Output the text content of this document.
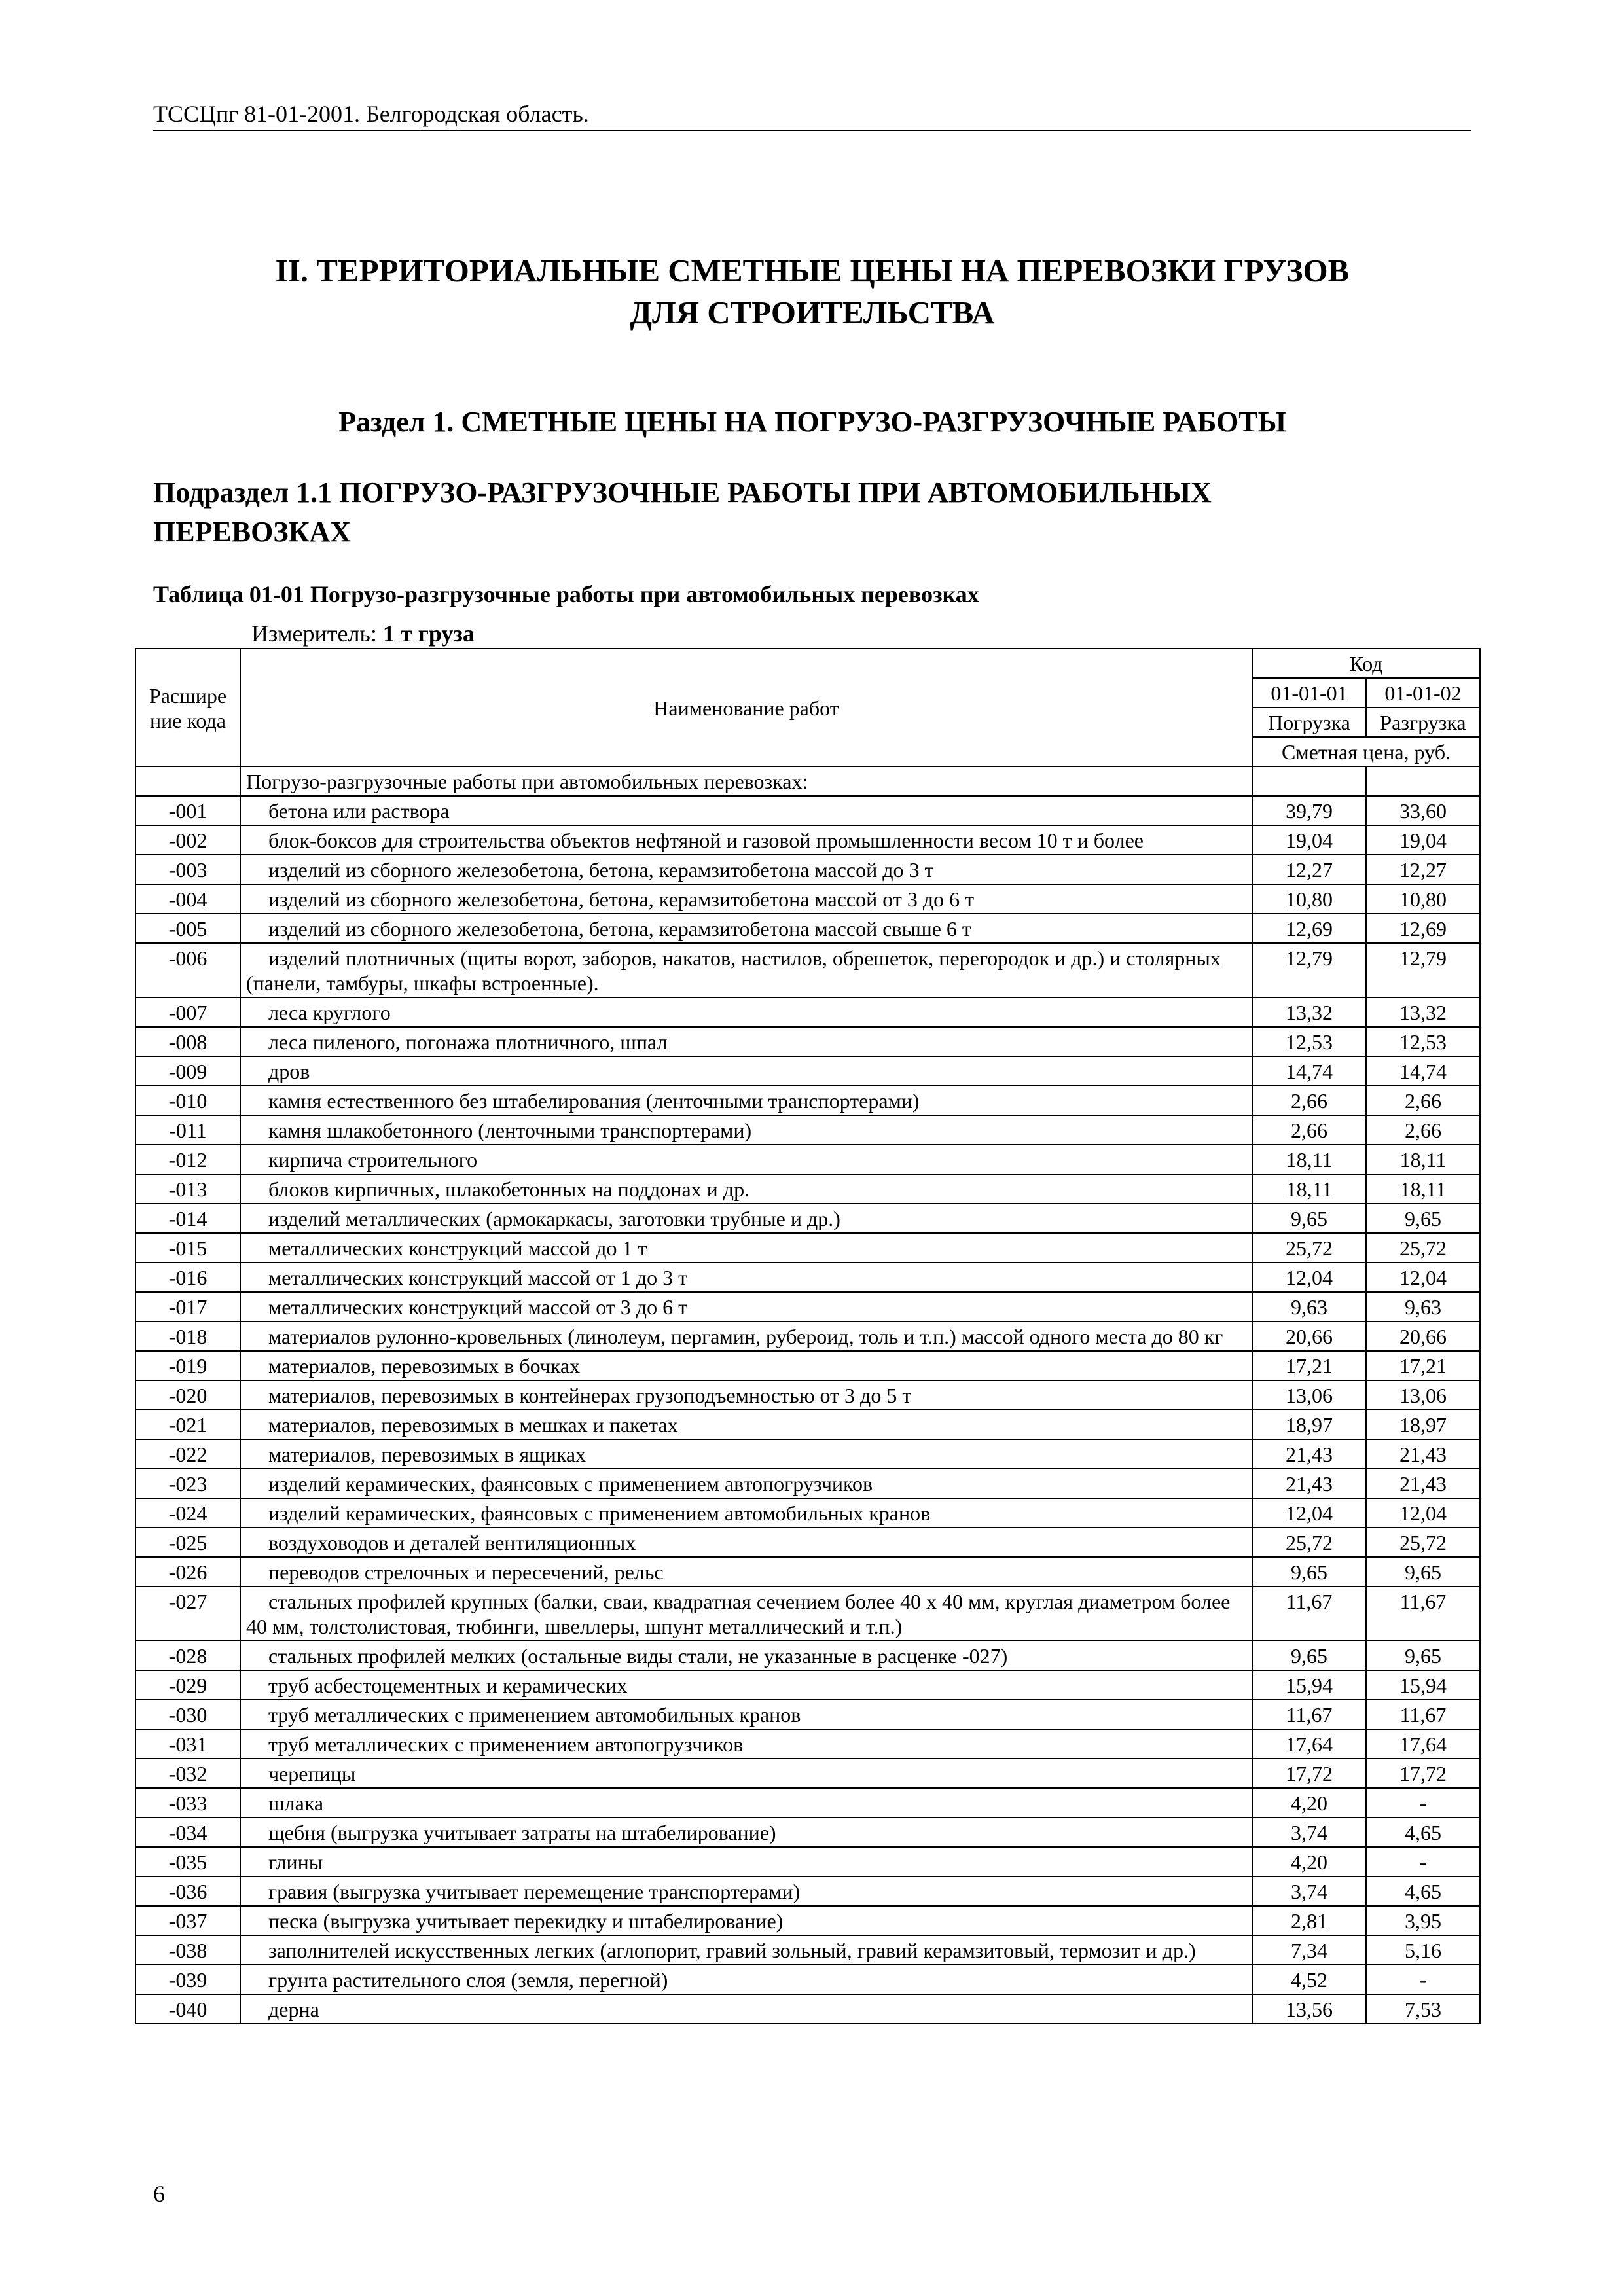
ТССЦпг 81-01-2001. Белгородская область.
II. ТЕРРИТОРИАЛЬНЫЕ СМЕТНЫЕ ЦЕНЫ НА ПЕРЕВОЗКИ ГРУЗОВ
ДЛЯ СТРОИТЕЛЬСТВА
Раздел 1. СМЕТНЫЕ ЦЕНЫ НА ПОГРУЗО-РАЗГРУЗОЧНЫЕ РАБОТЫ
Подраздел 1.1 ПОГРУЗО-РАЗГРУЗОЧНЫЕ РАБОТЫ ПРИ АВТОМОБИЛЬНЫХ
ПЕРЕВОЗКАХ
Таблица 01-01 Погрузо-разгрузочные работы при автомобильных перевозках
Измеритель: 1 т груза
Расшире
ние кода	Наименование работ	Код	
		01-01-01	01-01-02
		Погрузка	Разгрузка
		Сметная цена, руб.	
	Погрузо-разгрузочные работы при автомобильных перевозках:		
-001	бетона или раствора	39,79	33,60
-002	блок-боксов для строительства объектов нефтяной и газовой промышленности весом 10 т и более	19,04	19,04
-003	изделий из сборного железобетона, бетона, керамзитобетона массой до 3 т	12,27	12,27
-004	изделий из сборного железобетона, бетона, керамзитобетона массой от 3 до 6 т	10,80	10,80
-005	изделий из сборного железобетона, бетона, керамзитобетона массой свыше 6 т	12,69	12,69
-006	изделий плотничных (щиты ворот, заборов, накатов, настилов, обрешеток, перегородок и др.) и столярных (панели, тамбуры, шкафы встроенные).	12,79	12,79
-007	леса круглого	13,32	13,32
-008	леса пиленого, погонажа плотничного, шпал	12,53	12,53
-009	дров	14,74	14,74
-010	камня естественного без штабелирования (ленточными транспортерами)	2,66	2,66
-011	камня шлакобетонного (ленточными транспортерами)	2,66	2,66
-012	кирпича строительного	18,11	18,11
-013	блоков кирпичных, шлакобетонных на поддонах и др.	18,11	18,11
-014	изделий металлических (армокаркасы, заготовки трубные и др.)	9,65	9,65
-015	металлических конструкций массой до 1 т	25,72	25,72
-016	металлических конструкций массой от 1 до 3 т	12,04	12,04
-017	металлических конструкций массой от 3 до 6 т	9,63	9,63
-018	материалов рулонно-кровельных (линолеум, пергамин, рубероид, толь и т.п.) массой одного места до 80 кг	20,66	20,66
-019	материалов, перевозимых в бочках	17,21	17,21
-020	материалов, перевозимых в контейнерах грузоподъемностью от 3 до 5 т	13,06	13,06
-021	материалов, перевозимых в мешках и пакетах	18,97	18,97
-022	материалов, перевозимых в ящиках	21,43	21,43
-023	изделий керамических, фаянсовых с применением автопогрузчиков	21,43	21,43
-024	изделий керамических, фаянсовых с применением автомобильных кранов	12,04	12,04
-025	воздуховодов и деталей вентиляционных	25,72	25,72
-026	переводов стрелочных и пересечений, рельс	9,65	9,65
-027	стальных профилей крупных (балки, сваи, квадратная сечением более 40 х 40 мм, круглая диаметром более 40 мм, толстолистовая, тюбинги, швеллеры, шпунт металлический и т.п.)	11,67	11,67
-028	стальных профилей мелких (остальные виды стали, не указанные в расценке -027)	9,65	9,65
-029	труб асбестоцементных и керамических	15,94	15,94
-030	труб металлических с применением автомобильных кранов	11,67	11,67
-031	труб металлических с применением автопогрузчиков	17,64	17,64
-032	черепицы	17,72	17,72
-033	шлака	4,20	-
-034	щебня (выгрузка учитывает затраты на штабелирование)	3,74	4,65
-035	глины	4,20	-
-036	гравия (выгрузка учитывает перемещение транспортерами)	3,74	4,65
-037	песка (выгрузка учитывает перекидку и штабелирование)	2,81	3,95
-038	заполнителей искусственных легких (аглопорит, гравий зольный, гравий керамзитовый, термозит и др.)	7,34	5,16
-039	грунта растительного слоя (земля, перегной)	4,52	-
-040	дерна	13,56	7,53
6
